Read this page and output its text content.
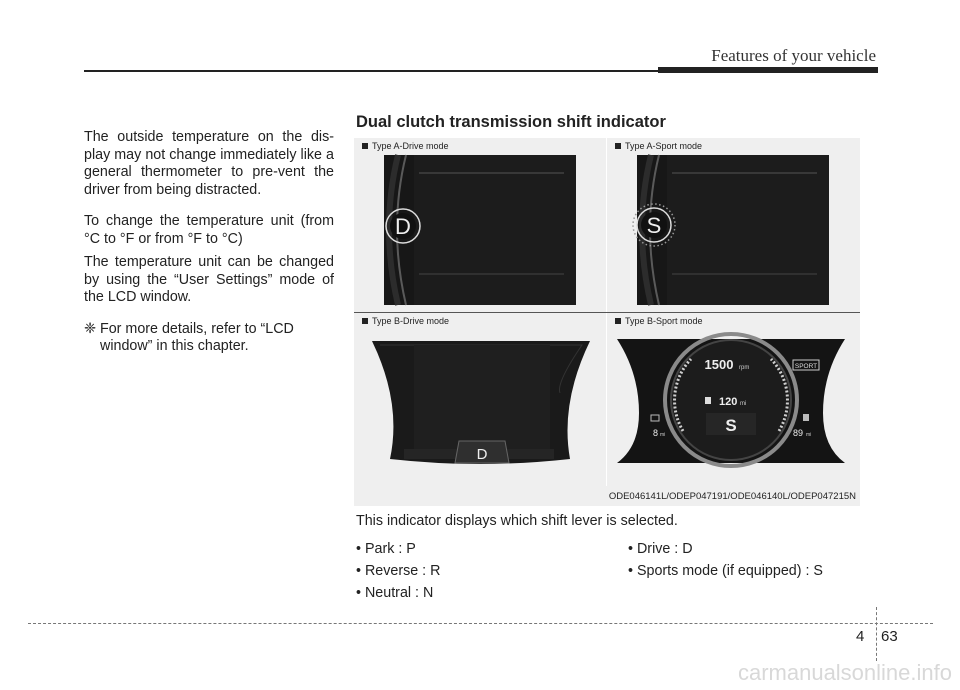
Features of your vehicle

The outside temperature on the dis-play may not change immediately like a general thermometer to pre-vent the driver from being distracted.

To change the temperature unit (from °C to °F or from °F to °C)

The temperature unit can be changed by using the “User Settings” mode of the LCD window.

❈ For more details, refer to “LCD window” in this chapter.
Dual clutch transmission shift indicator
Type A-Drive mode
D
Type A-Sport mode
S
Type B-Drive mode
D
Type B-Sport mode
1500 rpm	SPORT
120 mi
S
8 mi	89 mi
ODE046141L/ODEP047191/ODE046140L/ODEP047215N
This indicator displays which shift lever is selected.
• Park : P
• Reverse : R
• Neutral : N
• Drive : D
• Sports mode (if equipped) : S
4 63
carmanualsonline.info
